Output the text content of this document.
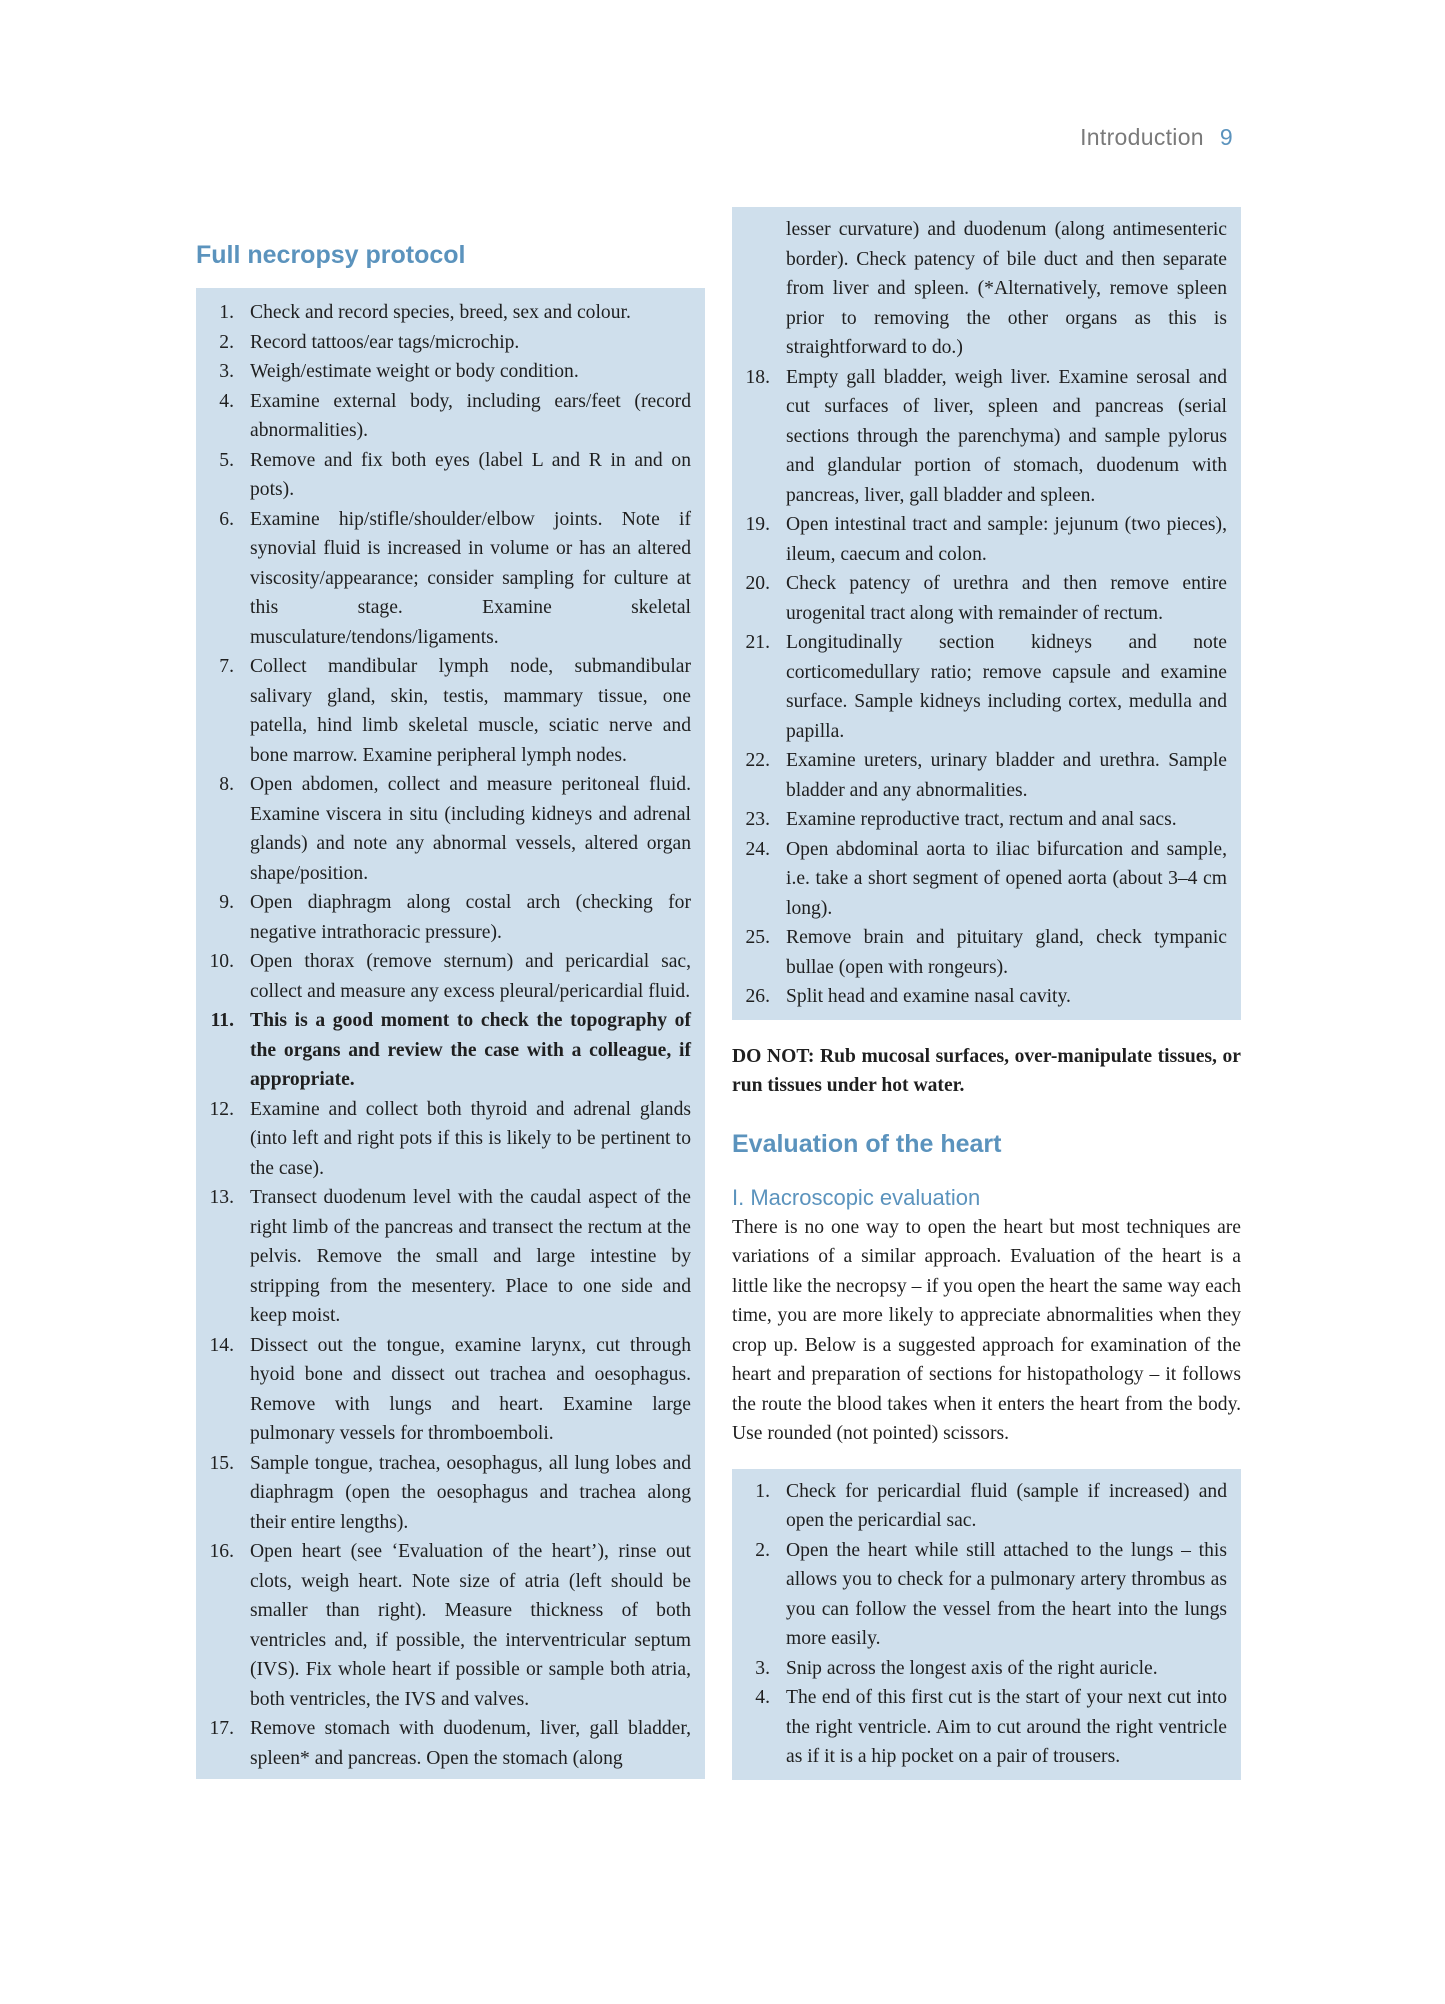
Introduction 9
Full necropsy protocol
1. Check and record species, breed, sex and colour.
2. Record tattoos/ear tags/microchip.
3. Weigh/estimate weight or body condition.
4. Examine external body, including ears/feet (record abnormalities).
5. Remove and fix both eyes (label L and R in and on pots).
6. Examine hip/stifle/shoulder/elbow joints. Note if synovial fluid is increased in volume or has an altered viscosity/appearance; consider sampling for culture at this stage. Examine skeletal musculature/tendons/ligaments.
7. Collect mandibular lymph node, submandibular salivary gland, skin, testis, mammary tissue, one patella, hind limb skeletal muscle, sciatic nerve and bone marrow. Examine peripheral lymph nodes.
8. Open abdomen, collect and measure peritoneal fluid. Examine viscera in situ (including kidneys and adrenal glands) and note any abnormal vessels, altered organ shape/position.
9. Open diaphragm along costal arch (checking for negative intrathoracic pressure).
10. Open thorax (remove sternum) and pericardial sac, collect and measure any excess pleural/pericardial fluid.
11. This is a good moment to check the topography of the organs and review the case with a colleague, if appropriate.
12. Examine and collect both thyroid and adrenal glands (into left and right pots if this is likely to be pertinent to the case).
13. Transect duodenum level with the caudal aspect of the right limb of the pancreas and transect the rectum at the pelvis. Remove the small and large intestine by stripping from the mesentery. Place to one side and keep moist.
14. Dissect out the tongue, examine larynx, cut through hyoid bone and dissect out trachea and oesophagus. Remove with lungs and heart. Examine large pulmonary vessels for thromboemboli.
15. Sample tongue, trachea, oesophagus, all lung lobes and diaphragm (open the oesophagus and trachea along their entire lengths).
16. Open heart (see ‘Evaluation of the heart’), rinse out clots, weigh heart. Note size of atria (left should be smaller than right). Measure thickness of both ventricles and, if possible, the interventricular septum (IVS). Fix whole heart if possible or sample both atria, both ventricles, the IVS and valves.
17. Remove stomach with duodenum, liver, gall bladder, spleen* and pancreas. Open the stomach (along
lesser curvature) and duodenum (along antimesenteric border). Check patency of bile duct and then separate from liver and spleen. (*Alternatively, remove spleen prior to removing the other organs as this is straightforward to do.)
18. Empty gall bladder, weigh liver. Examine serosal and cut surfaces of liver, spleen and pancreas (serial sections through the parenchyma) and sample pylorus and glandular portion of stomach, duodenum with pancreas, liver, gall bladder and spleen.
19. Open intestinal tract and sample: jejunum (two pieces), ileum, caecum and colon.
20. Check patency of urethra and then remove entire urogenital tract along with remainder of rectum.
21. Longitudinally section kidneys and note corticomedullary ratio; remove capsule and examine surface. Sample kidneys including cortex, medulla and papilla.
22. Examine ureters, urinary bladder and urethra. Sample bladder and any abnormalities.
23. Examine reproductive tract, rectum and anal sacs.
24. Open abdominal aorta to iliac bifurcation and sample, i.e. take a short segment of opened aorta (about 3–4 cm long).
25. Remove brain and pituitary gland, check tympanic bullae (open with rongeurs).
26. Split head and examine nasal cavity.

DO NOT: Rub mucosal surfaces, over-manipulate tissues, or run tissues under hot water.

Evaluation of the heart
I. Macroscopic evaluation

There is no one way to open the heart but most techniques are variations of a similar approach. Evaluation of the heart is a little like the necropsy – if you open the heart the same way each time, you are more likely to appreciate abnormalities when they crop up. Below is a suggested approach for examination of the heart and preparation of sections for histopathology – it follows the route the blood takes when it enters the heart from the body. Use rounded (not pointed) scissors.

1. Check for pericardial fluid (sample if increased) and open the pericardial sac.
2. Open the heart while still attached to the lungs – this allows you to check for a pulmonary artery thrombus as you can follow the vessel from the heart into the lungs more easily.
3. Snip across the longest axis of the right auricle.
4. The end of this first cut is the start of your next cut into the right ventricle. Aim to cut around the right ventricle as if it is a hip pocket on a pair of trousers.
